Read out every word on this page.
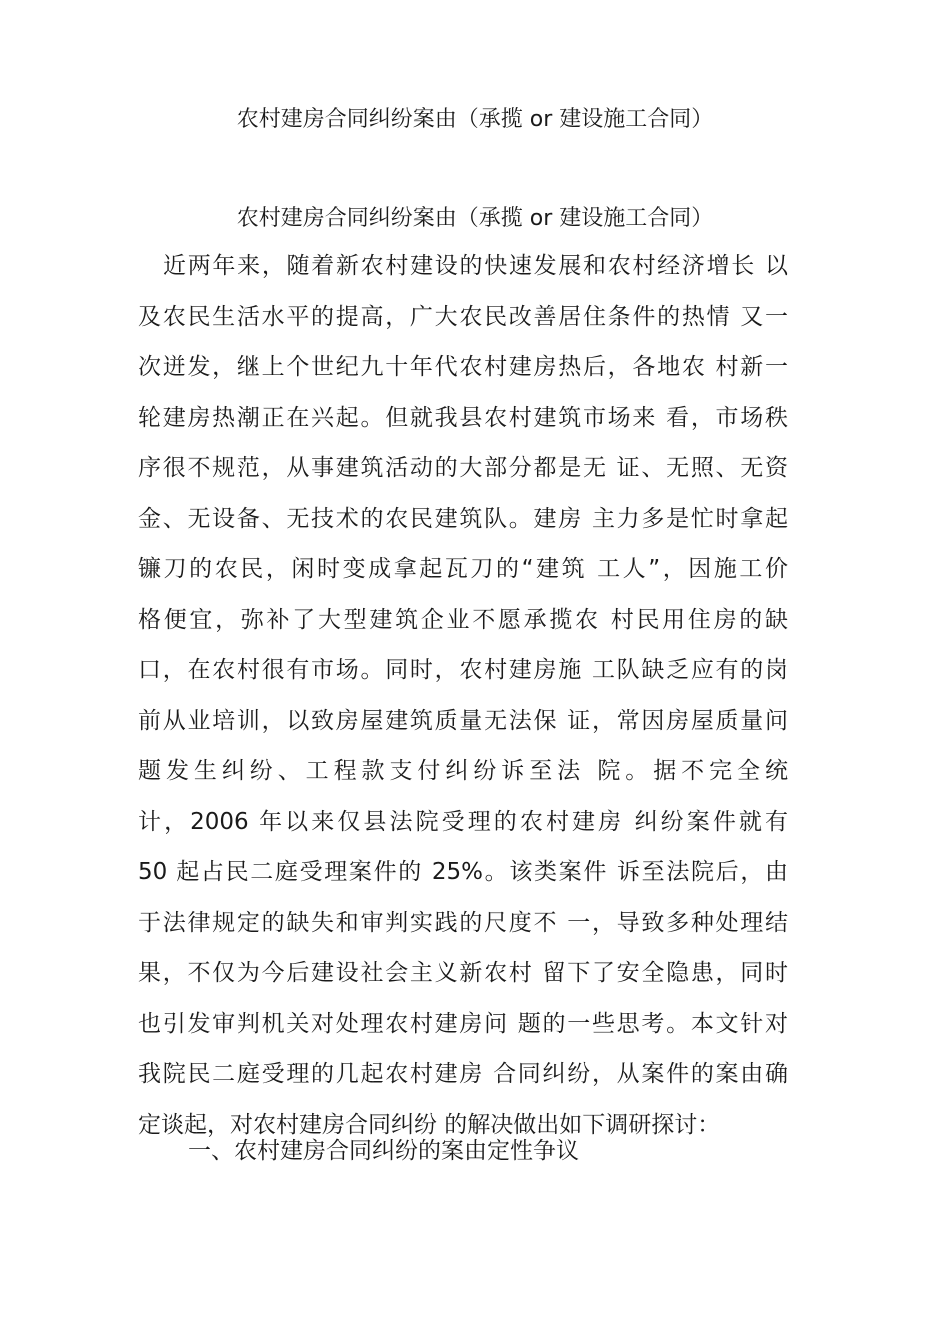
农村建房合同纠纷案由（承揽 or 建设施工合同）
农村建房合同纠纷案由（承揽 or 建设施工合同）
近两年来，随着新农村建设的快速发展和农村经济增长 以
及农民生活水平的提高，广大农民改善居住条件的热情 又一
次迸发，继上个世纪九十年代农村建房热后，各地农 村新一
轮建房热潮正在兴起。但就我县农村建筑市场来 看，市场秩
序很不规范，从事建筑活动的大部分都是无 证、无照、无资
金、无设备、无技术的农民建筑队。建房 主力多是忙时拿起
镰刀的农民，闲时变成拿起瓦刀的“建筑 工人”，因施工价
格便宜，弥补了大型建筑企业不愿承揽农 村民用住房的缺
口，在农村很有市场。同时，农村建房施 工队缺乏应有的岗
前从业培训，以致房屋建筑质量无法保 证，常因房屋质量问
题发生纠纷、工程款支付纠纷诉至法 院。据不完全统
计，2006 年以来仅县法院受理的农村建房 纠纷案件就有
50 起占民二庭受理案件的 25%。该类案件 诉至法院后，由
于法律规定的缺失和审判实践的尺度不 一，导致多种处理结
果，不仅为今后建设社会主义新农村 留下了安全隐患，同时
也引发审判机关对处理农村建房问 题的一些思考。本文针对
我院民二庭受理的几起农村建房 合同纠纷，从案件的案由确
定谈起，对农村建房合同纠纷 的解决做出如下调研探讨：
一、农村建房合同纠纷的案由定性争议
